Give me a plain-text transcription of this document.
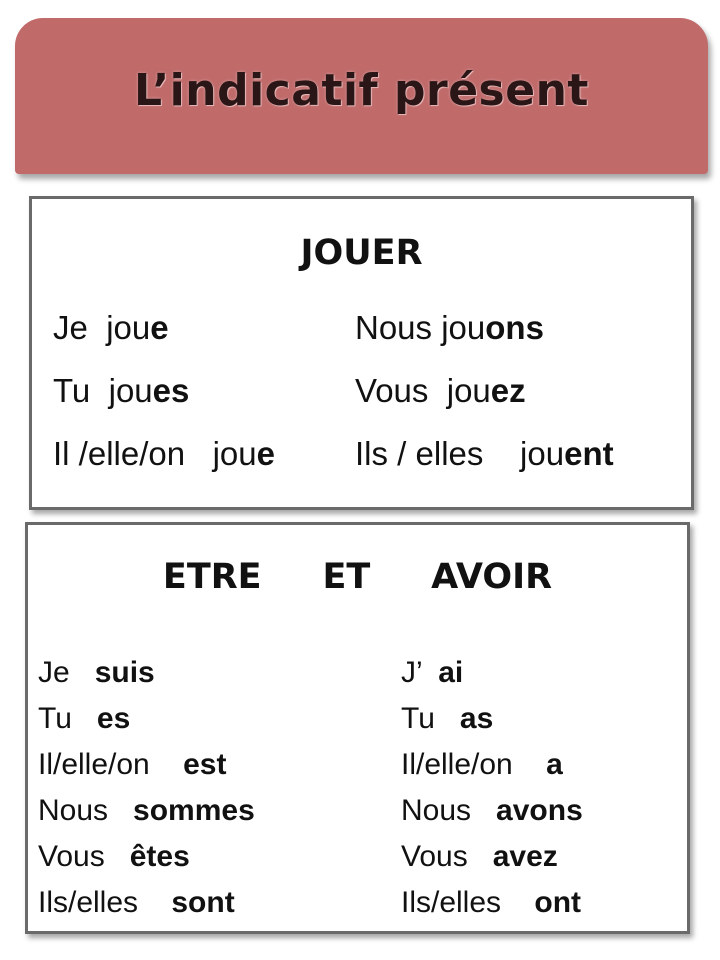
L’indicatif présent
JOUER
Je  joue
Tu  joues
Il /elle/on   joue
Nous jouons
Vous  jouez
Ils / elles    jouent
ETRE     ET     AVOIR
Je   suis
Tu   es
Il/elle/on    est
Nous   sommes
Vous   êtes
Ils/elles    sont
J’  ai
Tu   as
Il/elle/on    a
Nous   avons
Vous   avez
Ils/elles    ont
